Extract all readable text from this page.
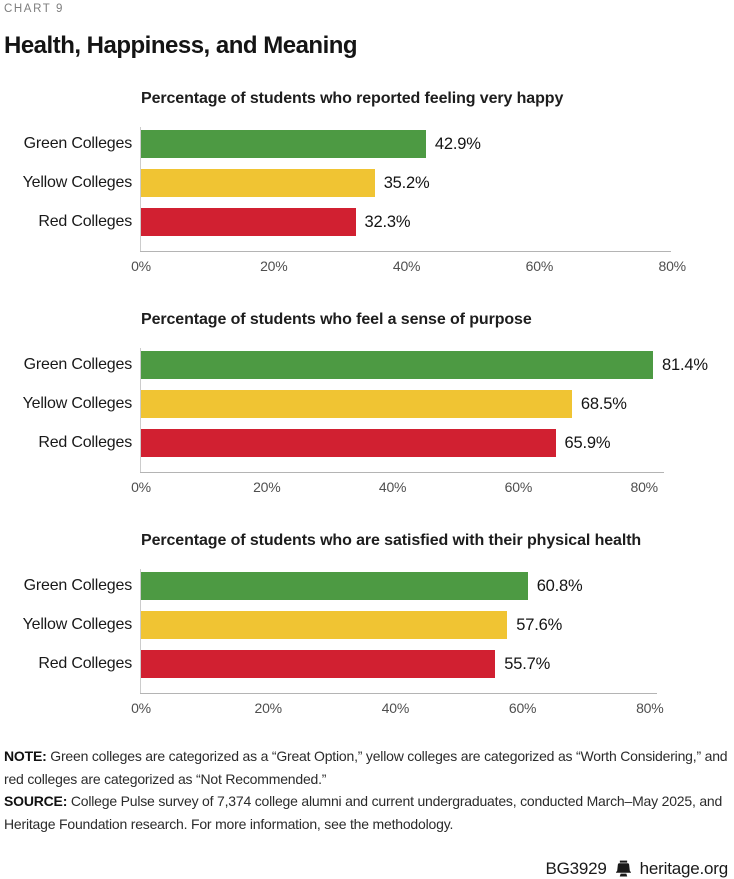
CHART 9
Health, Happiness, and Meaning
Percentage of students who reported feeling very happy
Green Colleges
Yellow Colleges
Red Colleges
42.9%
35.2%
32.3%
0%	20%	40%	60%	80%
Percentage of students who feel a sense of purpose
Green Colleges
Yellow Colleges
Red Colleges
81.4%
68.5%
65.9%
0%	20%	40%	60%	80%
Percentage of students who are satisfied with their physical health
Green Colleges
Yellow Colleges
Red Colleges
60.8%
57.6%
55.7%
0%	20%	40%	60%	80%

NOTE: Green colleges are categorized as a “Great Option,” yellow colleges are categorized as “Worth Considering,” and red colleges are categorized as “Not Recommended.”

SOURCE: College Pulse survey of 7,374 college alumni and current undergraduates, conducted March–May 2025, and Heritage Foundation research. For more information, see the methodology.

BG3929 heritage.org
